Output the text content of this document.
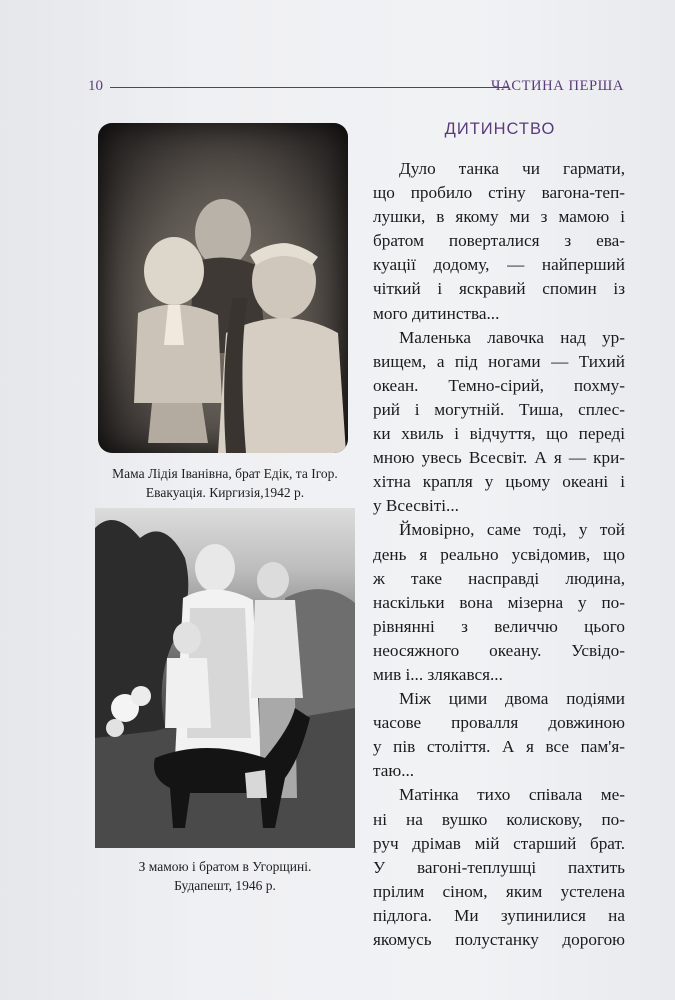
10	ЧАСТИНА ПЕРША
Мама Лідія Іванівна, брат Едік, та Ігор.
Евакуація. Киргизія,1942 р.
З мамою і братом в Угорщині.
Будапешт, 1946 р.
ДИТИНСТВО
Дуло танка чи гармати,
що пробило стіну вагона-теп-
лушки, в якому ми з мамою і
братом поверталися з ева-
куації додому, — найперший
чіткий і яскравий спомин із
мого дитинства...
Маленька лавочка над ур-
вищем, а під ногами — Тихий
океан. Темно-сірий, похму-
рий і могутній. Тиша, сплес-
ки хвиль і відчуття, що переді
мною увесь Всесвіт. А я — кри-
хітна крапля у цьому океані і
у Всесвіті...
Ймовірно, саме тоді, у той
день я реально усвідомив, що
ж таке насправді людина,
наскільки вона мізерна у по-
рівнянні з величчю цього
неосяжного океану. Усвідо-
мив і... злякався...
Між цими двома подіями
часове провалля довжиною
у пів століття. А я все пам'я-
таю...
Матінка тихо співала ме-
ні на вушко колискову, по-
руч дрімав мій старший брат.
У вагоні-теплушці пахтить
прілим сіном, яким устелена
підлога. Ми зупинилися на
якомусь полустанку дорогою
